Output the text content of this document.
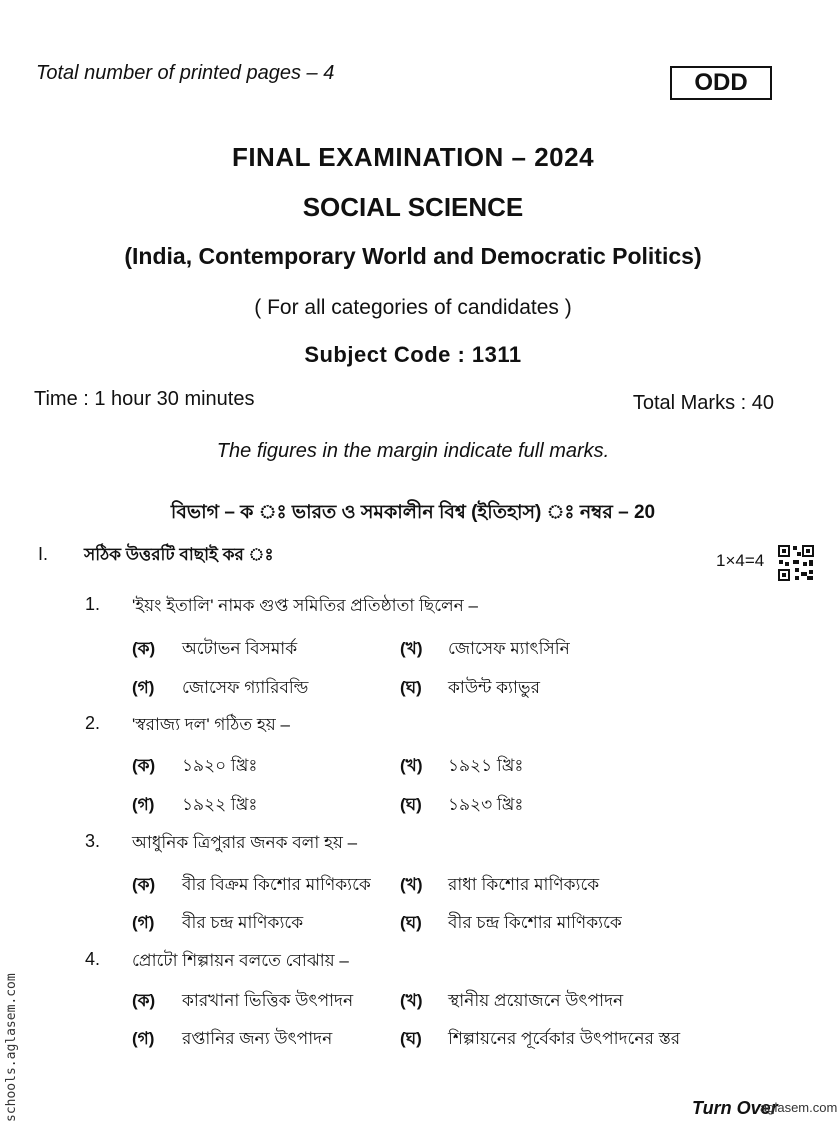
Total number of printed pages – 4	ODD
FINAL EXAMINATION – 2024
SOCIAL SCIENCE
(India, Contemporary World and Democratic Politics)
( For all categories of candidates )
Subject Code : 1311
Time : 1 hour 30 minutes	Total Marks : 40
The figures in the margin indicate full marks.
বিভাগ – ক ঃ ভারত ও সমকালীন বিশ্ব (ইতিহাস) ঃ নম্বর – 20
I. সঠিক উত্তরটি বাছাই কর ঃ	1×4=4
1. 'ইয়ং ইতালি' নামক গুপ্ত সমিতির প্রতিষ্ঠাতা ছিলেন –
(ক) অটোভন বিসমার্ক	(খ) জোসেফ ম্যাৎসিনি
(গ) জোসেফ গ্যারিবল্ডি	(ঘ) কাউন্ট ক্যাভুর
2. 'স্বরাজ্য দল' গঠিত হয় –
(ক) ১৯২০ খ্রিঃ	(খ) ১৯২১ খ্রিঃ
(গ) ১৯২২ খ্রিঃ	(ঘ) ১৯২৩ খ্রিঃ
3. আধুনিক ত্রিপুরার জনক বলা হয় –
(ক) বীর বিক্রম কিশোর মাণিক্যকে (খ) রাধা কিশোর মাণিক্যকে
(গ) বীর চন্দ্র মাণিক্যকে	(ঘ) বীর চন্দ্র কিশোর মাণিক্যকে
4. প্রোটো শিল্পায়ন বলতে বোঝায় –
(ক) কারখানা ভিত্তিক উৎপাদন	(খ) স্থানীয় প্রয়োজনে উৎপাদন
(গ) রপ্তানির জন্য উৎপাদন	(ঘ) শিল্পায়নের পূর্বেকার উৎপাদনের স্তর
Turn Over
aglasem.com
schools.aglasem.com
